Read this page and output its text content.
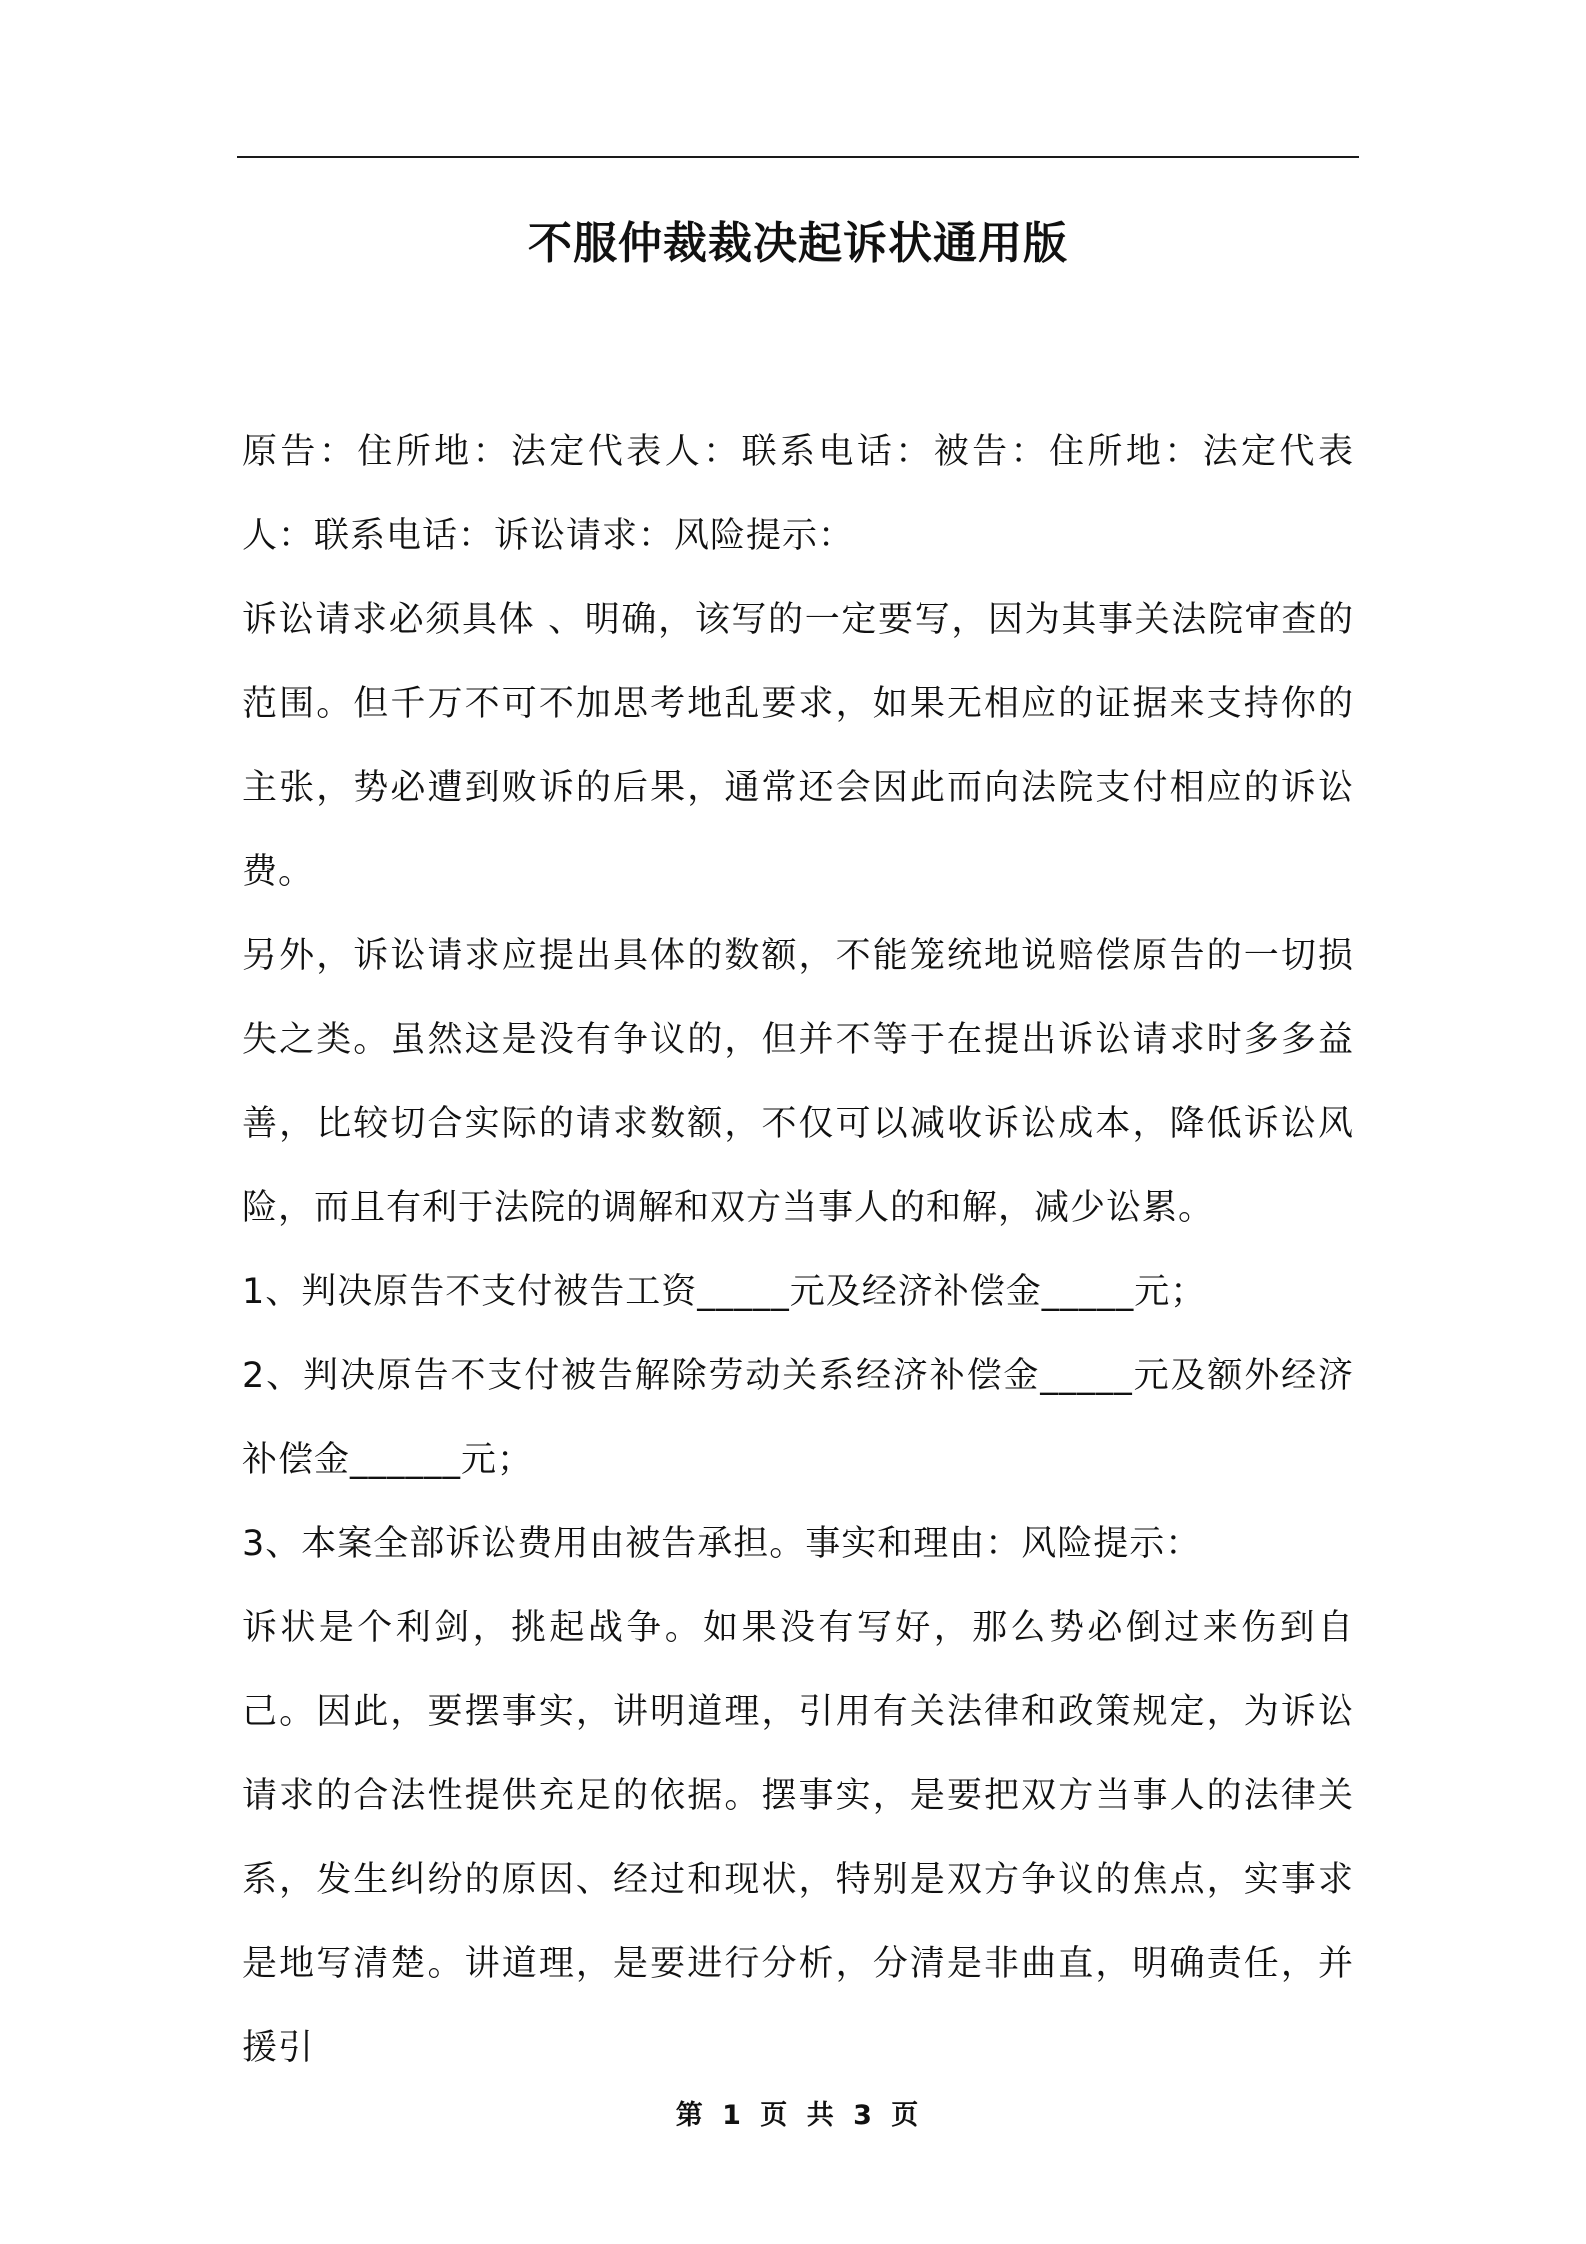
不服仲裁裁决起诉状通用版

原告：住所地：法定代表人：联系电话：被告：住所地：法定代表人：联系电话：诉讼请求：风险提示：

诉讼请求必须具体 、明确，该写的一定要写，因为其事关法院审查的范围。但千万不可不加思考地乱要求，如果无相应的证据来支持你的主张，势必遭到败诉的后果，通常还会因此而向法院支付相应的诉讼费。

另外，诉讼请求应提出具体的数额，不能笼统地说赔偿原告的一切损失之类。虽然这是没有争议的，但并不等于在提出诉讼请求时多多益善，比较切合实际的请求数额，不仅可以减收诉讼成本，降低诉讼风险，而且有利于法院的调解和双方当事人的和解，减少讼累。

1、判决原告不支付被告工资_____元及经济补偿金_____元；

2、判决原告不支付被告解除劳动关系经济补偿金_____元及额外经济补偿金______元；

3、本案全部诉讼费用由被告承担。事实和理由：风险提示：

诉状是个利剑，挑起战争。如果没有写好，那么势必倒过来伤到自己。因此，要摆事实，讲明道理，引用有关法律和政策规定，为诉讼请求的合法性提供充足的依据。摆事实，是要把双方当事人的法律关系，发生纠纷的原因、经过和现状，特别是双方争议的焦点，实事求是地写清楚。讲道理，是要进行分析，分清是非曲直，明确责任，并援引

第 1 页 共 3 页
